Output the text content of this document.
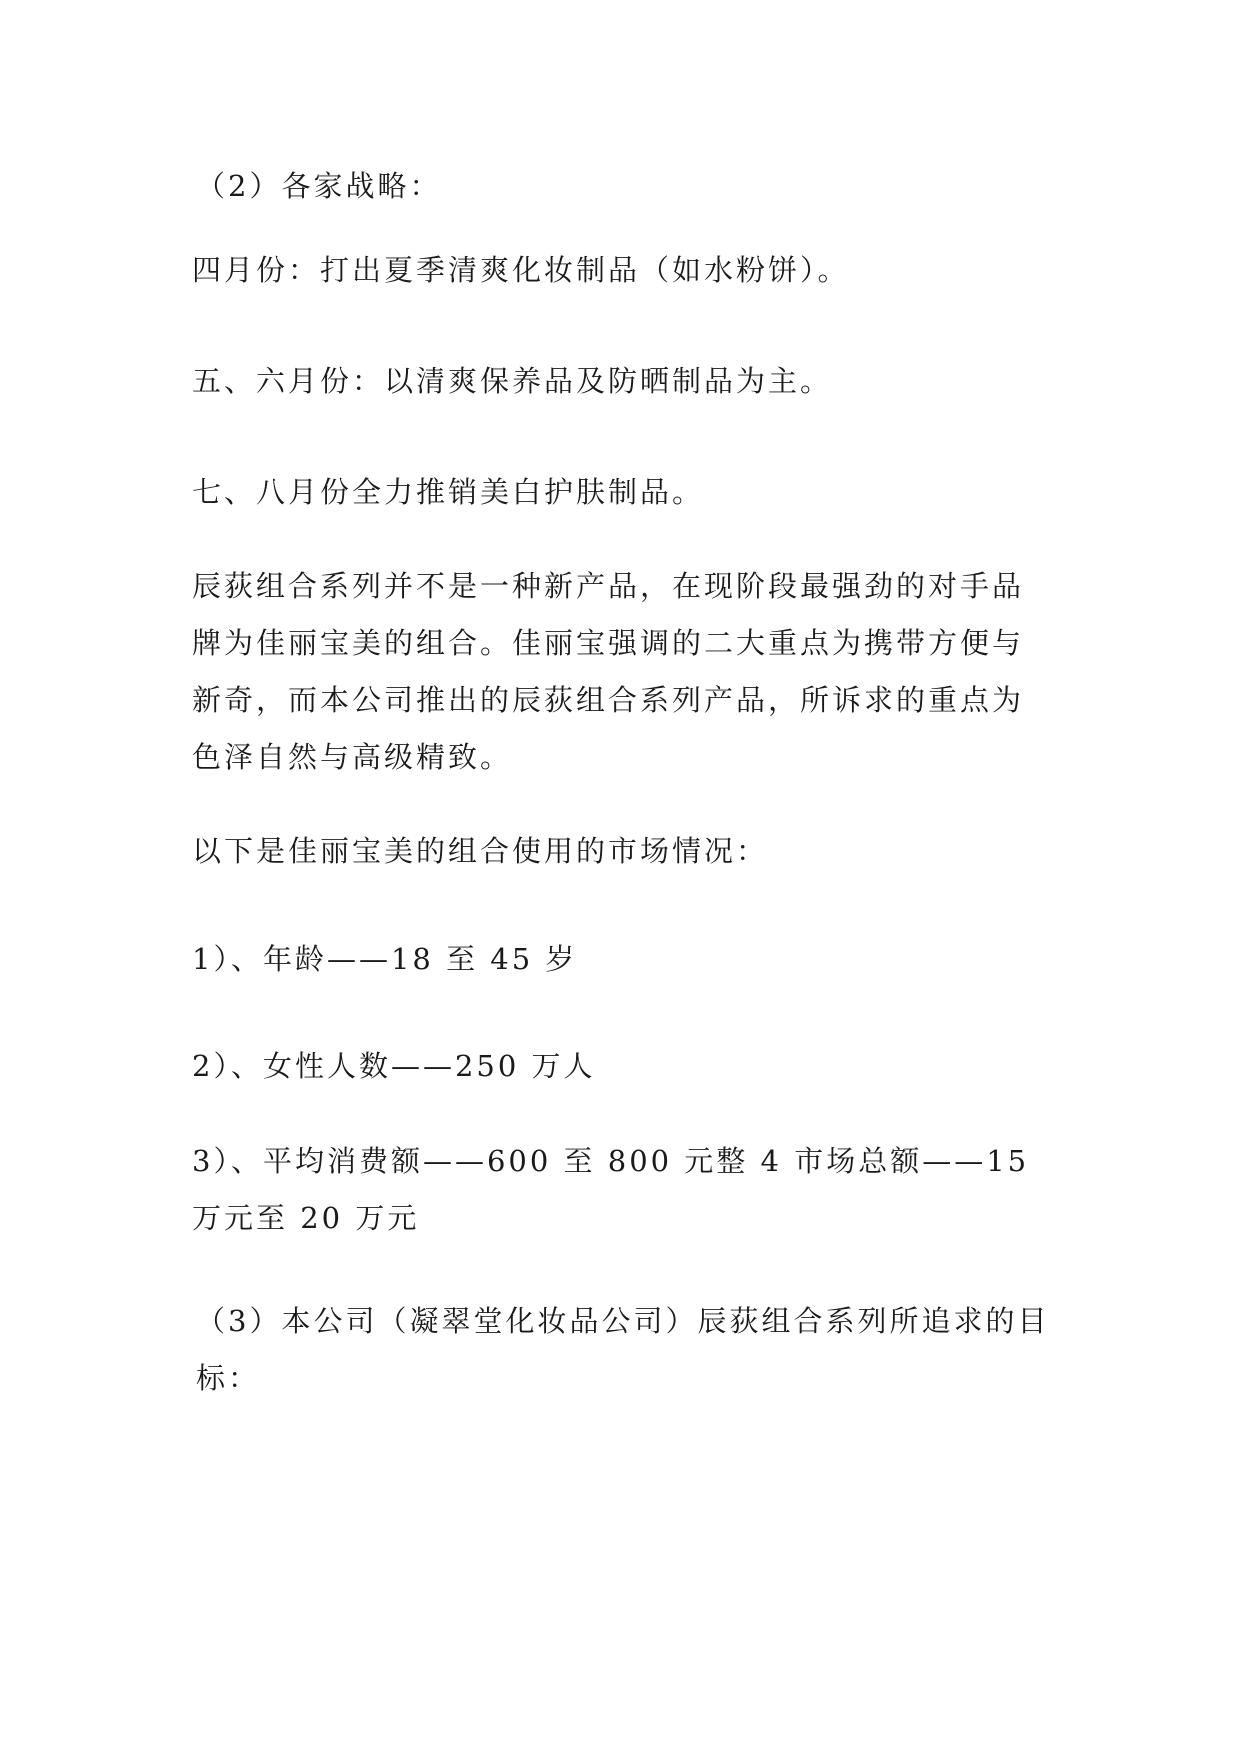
（2）各家战略：

四月份：打出夏季清爽化妆制品（如水粉饼）。

五、六月份：以清爽保养品及防晒制品为主。

七、八月份全力推销美白护肤制品。

辰荻组合系列并不是一种新产品，在现阶段最强劲的对手品牌为佳丽宝美的组合。佳丽宝强调的二大重点为携带方便与新奇，而本公司推出的辰荻组合系列产品，所诉求的重点为色泽自然与高级精致。

以下是佳丽宝美的组合使用的市场情况：

1）、年龄——18 至 45 岁

2）、女性人数——250 万人

3）、平均消费额——600 至 800 元整 4 市场总额——15 万元至 20 万元

（3）本公司（凝翠堂化妆品公司）辰荻组合系列所追求的目标：
